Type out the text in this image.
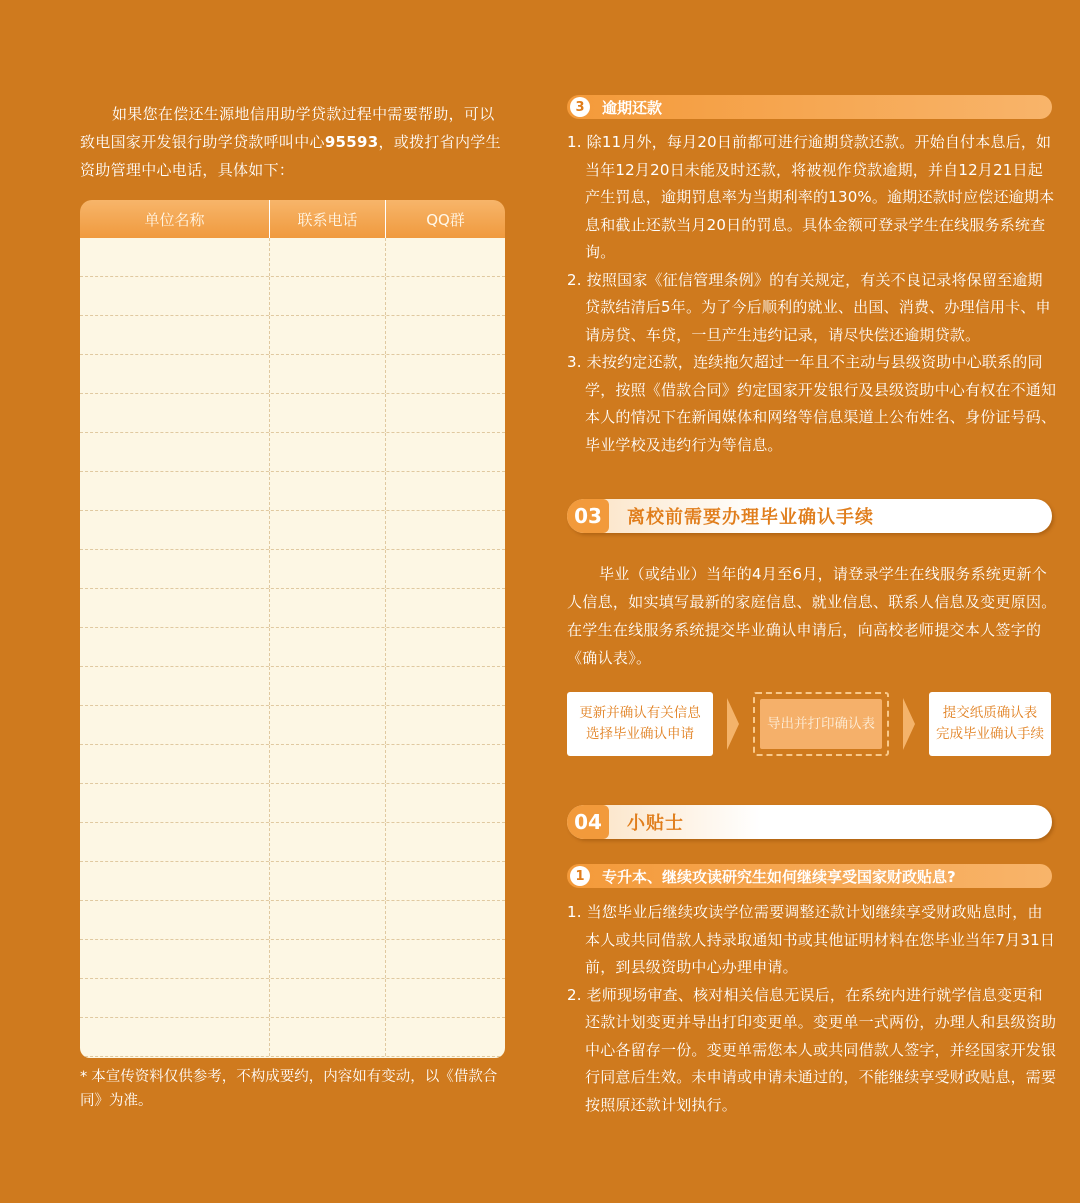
如果您在偿还生源地信用助学贷款过程中需要帮助，可以致电国家开发银行助学贷款呼叫中心95593，或拨打省内学生资助管理中心电话，具体如下：

单位名称	联系电话	QQ群
* 本宣传资料仅供参考，不构成要约，内容如有变动，以《借款合同》为准。
3	逾期还款

1. 除11月外，每月20日前都可进行逾期贷款还款。开始自付本息后，如当年12月20日未能及时还款，将被视作贷款逾期，并自12月21日起产生罚息，逾期罚息率为当期利率的130%。逾期还款时应偿还逾期本息和截止还款当月20日的罚息。具体金额可登录学生在线服务系统查询。

2. 按照国家《征信管理条例》的有关规定，有关不良记录将保留至逾期贷款结清后5年。为了今后顺利的就业、出国、消费、办理信用卡、申请房贷、车贷，一旦产生违约记录，请尽快偿还逾期贷款。

3. 未按约定还款，连续拖欠超过一年且不主动与县级资助中心联系的同学，按照《借款合同》约定国家开发银行及县级资助中心有权在不通知本人的情况下在新闻媒体和网络等信息渠道上公布姓名、身份证号码、毕业学校及违约行为等信息。

03	离校前需要办理毕业确认手续

毕业（或结业）当年的4月至6月，请登录学生在线服务系统更新个人信息，如实填写最新的家庭信息、就业信息、联系人信息及变更原因。在学生在线服务系统提交毕业确认申请后，向高校老师提交本人签字的《确认表》。

更新并确认有关信息
选择毕业确认申请
导出并打印确认表
提交纸质确认表
完成毕业确认手续
04	小贴士
1	专升本、继续攻读研究生如何继续享受国家财政贴息?

1. 当您毕业后继续攻读学位需要调整还款计划继续享受财政贴息时，由本人或共同借款人持录取通知书或其他证明材料在您毕业当年7月31日前，到县级资助中心办理申请。

2. 老师现场审查、核对相关信息无误后，在系统内进行就学信息变更和还款计划变更并导出打印变更单。变更单一式两份，办理人和县级资助中心各留存一份。变更单需您本人或共同借款人签字，并经国家开发银行同意后生效。未申请或申请未通过的，不能继续享受财政贴息，需要按照原还款计划执行。
